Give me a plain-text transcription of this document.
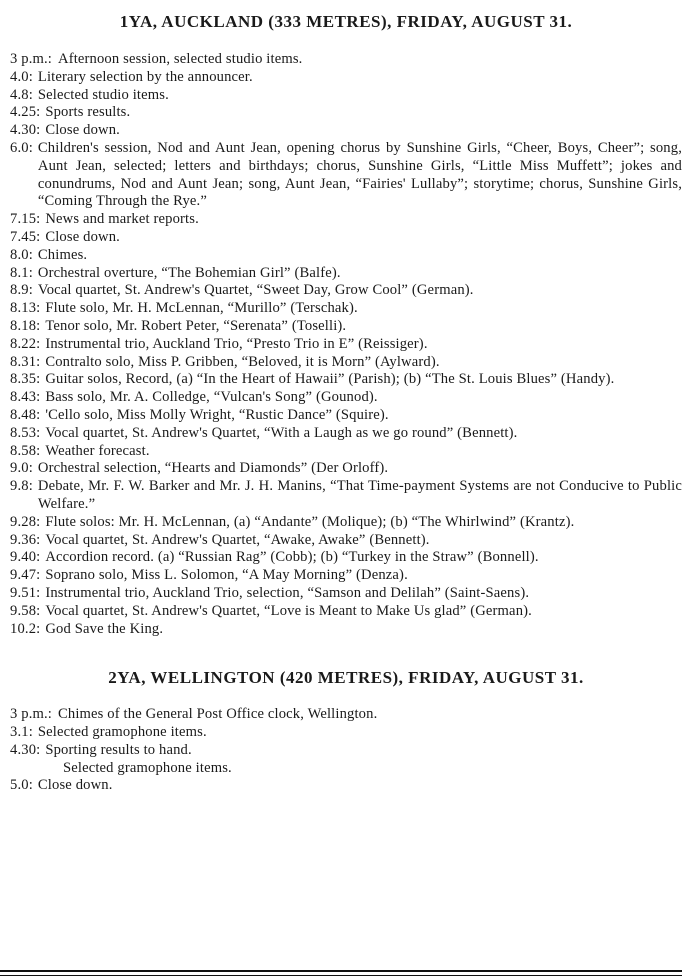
1YA, AUCKLAND (333 METRES), FRIDAY, AUGUST 31.
3 p.m.: Afternoon session, selected studio items.
4.0: Literary selection by the announcer.
4.8: Selected studio items.
4.25: Sports results.
4.30: Close down.
6.0: Children's session, Nod and Aunt Jean, opening chorus by Sunshine Girls, “Cheer, Boys, Cheer”; song, Aunt Jean, selected; letters and birthdays; chorus, Sunshine Girls, “Little Miss Muffett”; jokes and conundrums, Nod and Aunt Jean; song, Aunt Jean, “Fairies' Lullaby”; storytime; chorus, Sunshine Girls, “Coming Through the Rye.”
7.15: News and market reports.
7.45: Close down.
8.0: Chimes.
8.1: Orchestral overture, “The Bohemian Girl” (Balfe).
8.9: Vocal quartet, St. Andrew's Quartet, “Sweet Day, Grow Cool” (German).
8.13: Flute solo, Mr. H. McLennan, “Murillo” (Terschak).
8.18: Tenor solo, Mr. Robert Peter, “Serenata” (Toselli).
8.22: Instrumental trio, Auckland Trio, “Presto Trio in E” (Reissiger).
8.31: Contralto solo, Miss P. Gribben, “Beloved, it is Morn” (Aylward).
8.35: Guitar solos, Record, (a) “In the Heart of Hawaii” (Parish); (b) “The St. Louis Blues” (Handy).
8.43: Bass solo, Mr. A. Colledge, “Vulcan's Song” (Gounod).
8.48: 'Cello solo, Miss Molly Wright, “Rustic Dance” (Squire).
8.53: Vocal quartet, St. Andrew's Quartet, “With a Laugh as we go round” (Bennett).
8.58: Weather forecast.
9.0: Orchestral selection, “Hearts and Diamonds” (Der Orloff).
9.8: Debate, Mr. F. W. Barker and Mr. J. H. Manins, “That Time-payment Systems are not Conducive to Public Welfare.”
9.28: Flute solos: Mr. H. McLennan, (a) “Andante” (Molique); (b) “The Whirlwind” (Krantz).
9.36: Vocal quartet, St. Andrew's Quartet, “Awake, Awake” (Bennett).
9.40: Accordion record. (a) “Russian Rag” (Cobb); (b) “Turkey in the Straw” (Bonnell).
9.47: Soprano solo, Miss L. Solomon, “A May Morning” (Denza).
9.51: Instrumental trio, Auckland Trio, selection, “Samson and Delilah” (Saint-Saens).
9.58: Vocal quartet, St. Andrew's Quartet, “Love is Meant to Make Us glad” (German).
10.2: God Save the King.
2YA, WELLINGTON (420 METRES), FRIDAY, AUGUST 31.
3 p.m.: Chimes of the General Post Office clock, Wellington.
3.1: Selected gramophone items.
4.30: Sporting results to hand.
Selected gramophone items.
5.0: Close down.
